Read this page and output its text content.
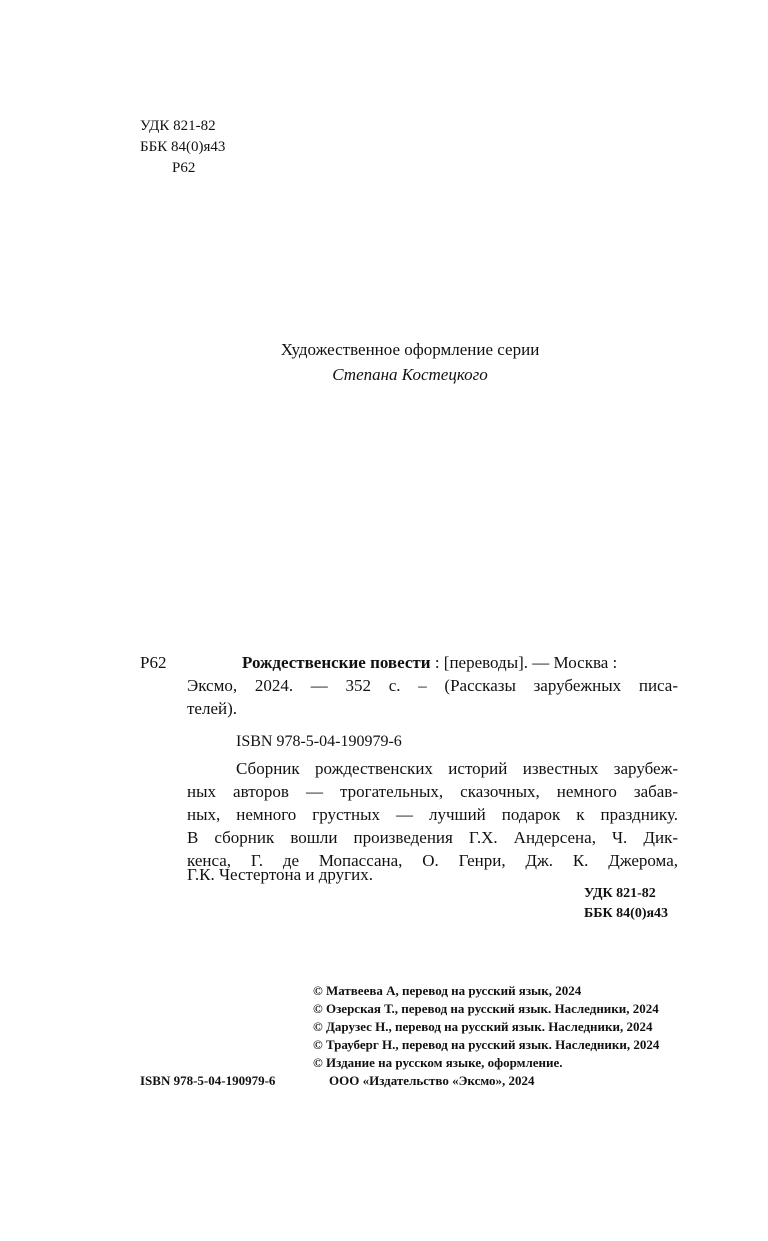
УДК 821-82
ББК 84(0)я43
Р62
Художественное оформление серии
Степана Костецкого
Р62	Рождественские повести : [переводы]. — Москва :
Эксмо, 2024. — 352 с. – (Рассказы зарубежных писа-
телей).
ISBN 978-5-04-190979-6
Сборник рождественских историй известных зарубеж-
ных авторов — трогательных, сказочных, немного забав-
ных, немного грустных — лучший подарок к празднику.
В сборник вошли произведения Г.Х. Андерсена, Ч. Дик-
кенса, Г. де Мопассана, О. Генри, Дж. К. Джерома,
Г.К. Честертона и других.
УДК 821-82
ББК 84(0)я43
© Матвеева А, перевод на русский язык, 2024
© Озерская Т., перевод на русский язык. Наследники, 2024
© Дарузес Н., перевод на русский язык. Наследники, 2024
© Трауберг Н., перевод на русский язык. Наследники, 2024
© Издание на русском языке, оформление.
ISBN 978-5-04-190979-6	ООО «Издательство «Эксмо», 2024
